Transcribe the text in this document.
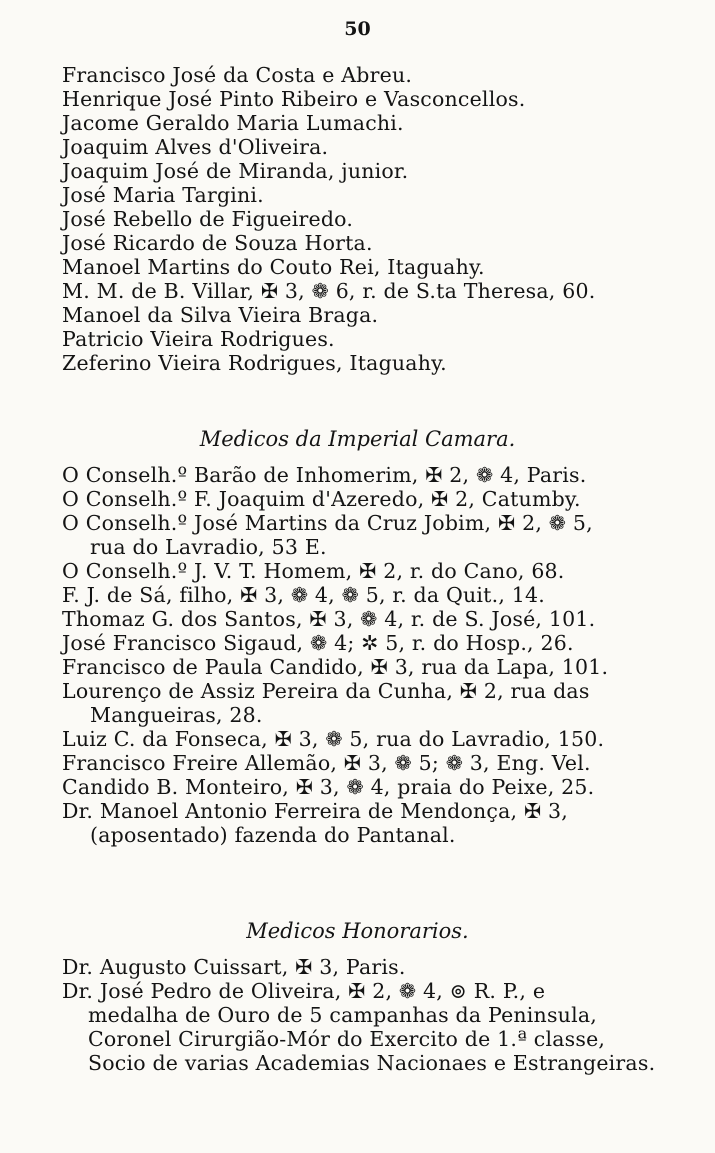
50
Francisco José da Costa e Abreu.
Henrique José Pinto Ribeiro e Vasconcellos.
Jacome Geraldo Maria Lumachi.
Joaquim Alves d'Oliveira.
Joaquim José de Miranda, junior.
José Maria Targini.
José Rebello de Figueiredo.
José Ricardo de Souza Horta.
Manoel Martins do Couto Rei, Itaguahy.
M. M. de B. Villar, ✠ 3, ❁ 6, r. de S.ta Theresa, 60.
Manoel da Silva Vieira Braga.
Patricio Vieira Rodrigues.
Zeferino Vieira Rodrigues, Itaguahy.
Medicos da Imperial Camara.
O Conselh.º Barão de Inhomerim, ✠ 2, ❁ 4, Paris.
O Conselh.º F. Joaquim d'Azeredo, ✠ 2, Catumby.
O Conselh.º José Martins da Cruz Jobim, ✠ 2, ❁ 5,
rua do Lavradio, 53 E.
O Conselh.º J. V. T. Homem, ✠ 2, r. do Cano, 68.
F. J. de Sá, filho, ✠ 3, ❁ 4, ❁ 5, r. da Quit., 14.
Thomaz G. dos Santos, ✠ 3, ❁ 4, r. de S. José, 101.
José Francisco Sigaud, ❁ 4; ✲ 5, r. do Hosp., 26.
Francisco de Paula Candido, ✠ 3, rua da Lapa, 101.
Lourenço de Assiz Pereira da Cunha, ✠ 2, rua das
Mangueiras, 28.
Luiz C. da Fonseca, ✠ 3, ❁ 5, rua do Lavradio, 150.
Francisco Freire Allemão, ✠ 3, ❁ 5; ❁ 3, Eng. Vel.
Candido B. Monteiro, ✠ 3, ❁ 4, praia do Peixe, 25.
Dr. Manoel Antonio Ferreira de Mendonça, ✠ 3,
(aposentado) fazenda do Pantanal.
Medicos Honorarios.
Dr. Augusto Cuissart, ✠ 3, Paris.
Dr. José Pedro de Oliveira, ✠ 2, ❁ 4, ⊚ R. P., e
medalha de Ouro de 5 campanhas da Peninsula,
Coronel Cirurgião-Mór do Exercito de 1.ª classe,
Socio de varias Academias Nacionaes e Estrangeiras.
